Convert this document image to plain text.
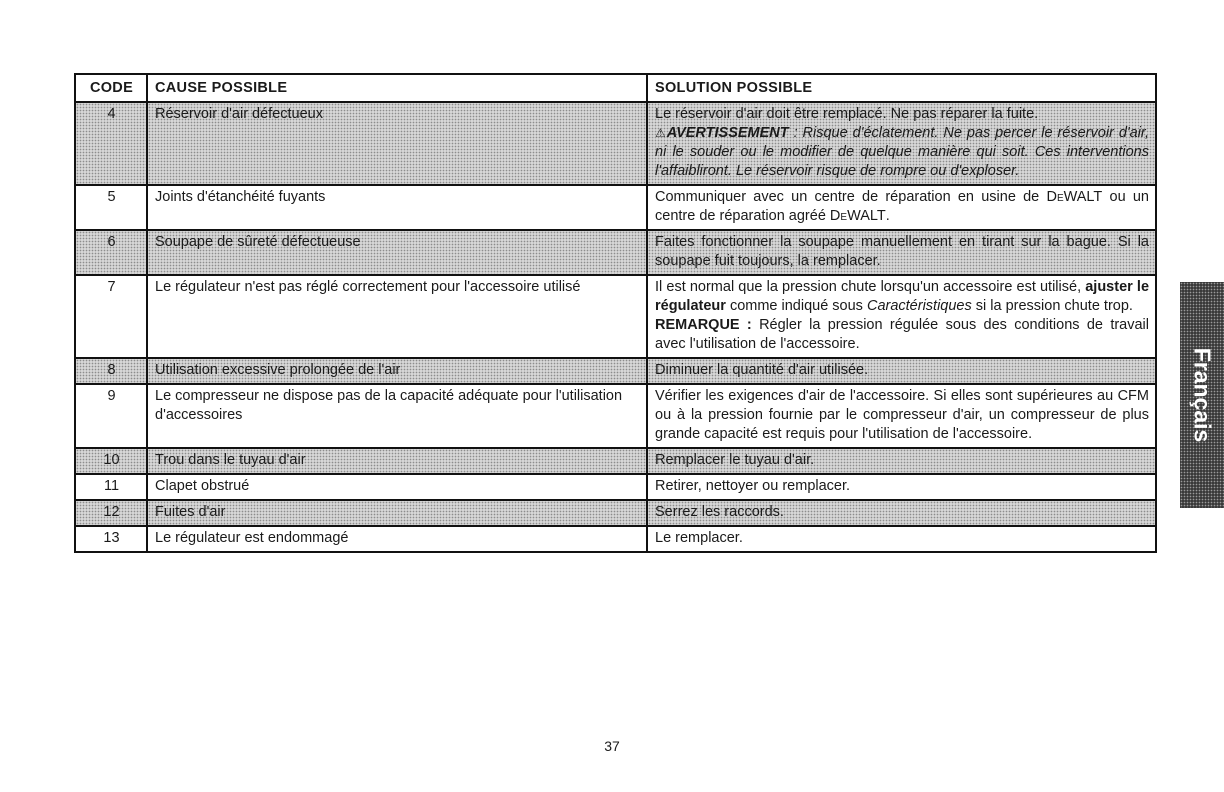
CODE	CAUSE POSSIBLE	SOLUTION POSSIBLE
4	Réservoir d'air défectueux	Le réservoir d'air doit être remplacé. Ne pas réparer la fuite.

⚠AVERTISSEMENT : Risque d'éclatement. Ne pas percer le réservoir d'air, ni le souder ou le modifier de quelque manière qui soit. Ces interventions l'affaibliront. Le réservoir risque de rompre ou d'exploser.

5	Joints d'étanchéité fuyants	Communiquer avec un centre de réparation en usine de DeWALT ou un centre de réparation agréé DeWALT.

6	Soupape de sûreté défectueuse	Faites fonctionner la soupape manuellement en tirant sur la bague. Si la soupape fuit toujours, la remplacer.
7	Le régulateur n'est pas réglé correctement pour l'accessoire utilisé	Il est normal que la pression chute lorsqu'un accessoire est utilisé, ajuster le régulateur comme indiqué sous Caractéristiques si la pression chute trop.

REMARQUE : Régler la pression régulée sous des conditions de travail avec l'utilisation de l'accessoire.

8	Utilisation excessive prolongée de l'air	Diminuer la quantité d'air utilisée.
9	Le compresseur ne dispose pas de la capacité adéquate pour l'utilisation d'accessoires	Vérifier les exigences d'air de l'accessoire. Si elles sont supérieures au CFM ou à la pression fournie par le compresseur d'air, un compresseur de plus grande capacité est requis pour l'utilisation de l'accessoire.
10	Trou dans le tuyau d'air	Remplacer le tuyau d'air.
11	Clapet obstrué	Retirer, nettoyer ou remplacer.
12	Fuites d'air	Serrez les raccords.
13	Le régulateur est endommagé	Le remplacer.
Français
37
